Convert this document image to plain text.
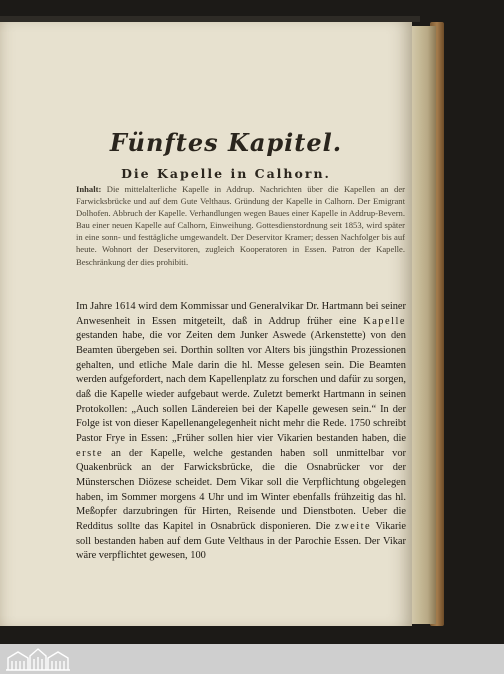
Fünftes Kapitel.
Die Kapelle in Calhorn.

Inhalt: Die mittelalterliche Kapelle in Addrup. Nachrichten über die Kapellen an der Farwicksbrücke und auf dem Gute Velthaus. Gründung der Kapelle in Calhorn. Der Emigrant Dolhofen. Abbruch der Kapelle. Verhandlungen wegen Baues einer Kapelle in Addrup-Bevern. Bau einer neuen Kapelle auf Calhorn, Einweihung. Gottesdienstordnung seit 1853, wird später in eine sonn- und festtägliche umgewandelt. Der Deservitor Kramer; dessen Nachfolger bis auf heute. Wohnort der Deservitoren, zugleich Kooperatoren in Essen. Patron der Kapelle. Beschränkung der dies prohibiti.

Im Jahre 1614 wird dem Kommissar und Generalvikar Dr. Hartmann bei seiner Anwesenheit in Essen mitgeteilt, daß in Addrup früher eine Kapelle gestanden habe, die vor Zeiten dem Junker Aswede (Arkenstette) von den Beamten übergeben sei. Dorthin sollten vor Alters bis jüngsthin Prozessionen gehalten, und etliche Male darin die hl. Messe gelesen sein. Die Beamten werden aufgefordert, nach dem Kapellenplatz zu forschen und dafür zu sorgen, daß die Kapelle wieder aufgebaut werde. Zuletzt bemerkt Hartmann in seinen Protokollen: „Auch sollen Ländereien bei der Kapelle gewesen sein.“ In der Folge ist von dieser Kapellenangelegenheit nicht mehr die Rede. 1750 schreibt Pastor Frye in Essen: „Früher sollen hier vier Vikarien bestanden haben, die erste an der Kapelle, welche gestanden haben soll unmittelbar vor Quakenbrück an der Farwicksbrücke, die die Osnabrücker vor der Münsterschen Diözese scheidet. Dem Vikar soll die Verpflichtung obgelegen haben, im Sommer morgens 4 Uhr und im Winter ebenfalls frühzeitig das hl. Meßopfer darzubringen für Hirten, Reisende und Dienstboten. Ueber die Redditus sollte das Kapitel in Osnabrück disponieren. Die zweite Vikarie soll bestanden haben auf dem Gute Velthaus in der Parochie Essen. Der Vikar wäre verpflichtet gewesen, 100
